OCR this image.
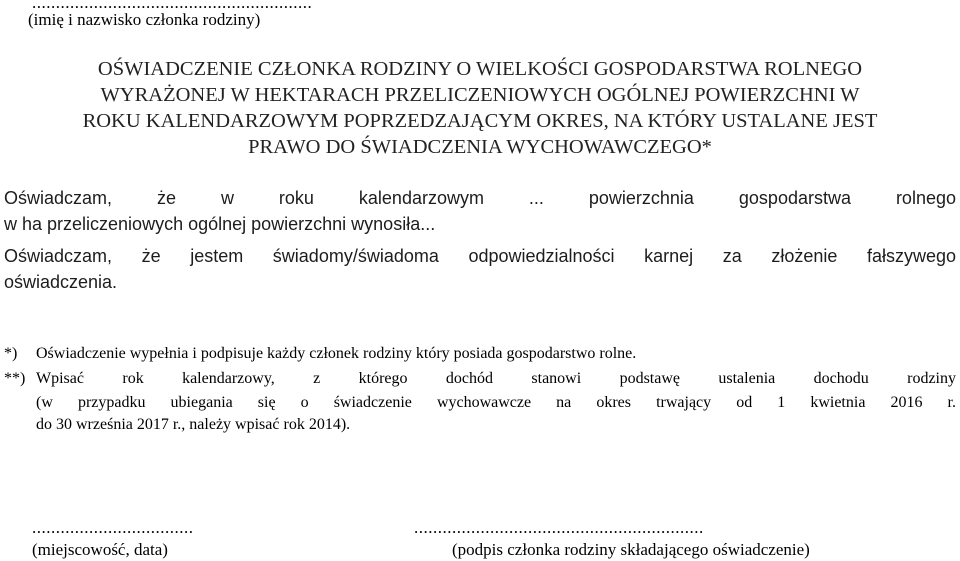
...........................................................
(imię i nazwisko członka rodziny)
OŚWIADCZENIE CZŁONKA RODZINY O WIELKOŚCI GOSPODARSTWA ROLNEGO
WYRAŻONEJ W HEKTARACH PRZELICZENIOWYCH OGÓLNEJ POWIERZCHNI W
ROKU KALENDARZOWYM POPRZEDZAJĄCYM OKRES, NA KTÓRY USTALANE JEST
PRAWO DO ŚWIADCZENIA WYCHOWAWCZEGO*
Oświadczam, że w roku kalendarzowym ... powierzchnia gospodarstwa rolnego
w ha przeliczeniowych ogólnej powierzchni wynosiła...
Oświadczam, że jestem świadomy/świadoma odpowiedzialności karnej za złożenie fałszywego
oświadczenia.
*) Oświadczenie wypełnia i podpisuje każdy członek rodziny który posiada gospodarstwo rolne.
**) Wpisać rok kalendarzowy, z którego dochód stanowi podstawę ustalenia dochodu rodziny
(w przypadku ubiegania się o świadczenie wychowawcze na okres trwający od 1 kwietnia 2016 r.
do 30 września 2017 r., należy wpisać rok 2014).
..................................
(miejscowość, data)
.............................................................
(podpis członka rodziny składającego oświadczenie)
